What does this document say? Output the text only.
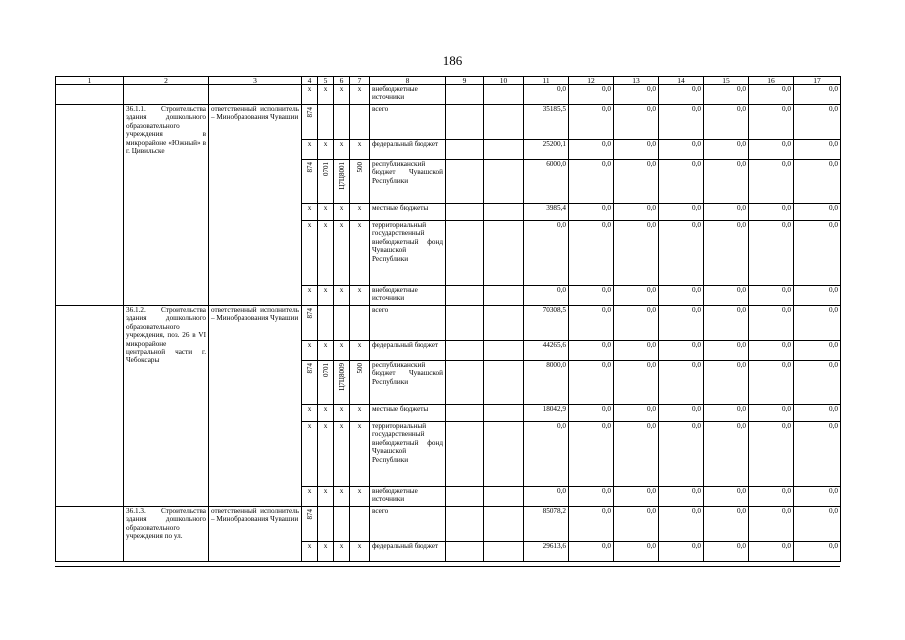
186
1	2	3	4	5	6	7	8	9	10	11	12	13	14	15	16	17
			x	x	x	x	внебюджетные источники			0,0	0,0	0,0	0,0	0,0	0,0	0,0
	36.1.1. Строительства здания дошкольного образовательного учреждения в микрорайоне «Южный» в г. Цивильске	ответственный исполнитель – Минобразования Чувашии	874				всего			35185,5	0,0	0,0	0,0	0,0	0,0	0,0
			x	x	x	x	федеральный бюджет			25200,1	0,0	0,0	0,0	0,0	0,0	0,0
			874	0701	Ц7Ц8001	500	республиканский бюджет Чувашской Республики			6000,0	0,0	0,0	0,0	0,0	0,0	0,0
			x	x	x	x	местные бюджеты			3985,4	0,0	0,0	0,0	0,0	0,0	0,0
			x	x	x	x	территориальный государственный внебюджетный фонд Чувашской Республики			0,0	0,0	0,0	0,0	0,0	0,0	0,0
			x	x	x	x	внебюджетные источники			0,0	0,0	0,0	0,0	0,0	0,0	0,0
	36.1.2. Строительства здания дошкольного образовательного учреждения, поз. 26 в VI микрорайоне центральной части г. Чебоксары	ответственный исполнитель – Минобразования Чувашии	874				всего			70308,5	0,0	0,0	0,0	0,0	0,0	0,0
			x	x	x	x	федеральный бюджет			44265,6	0,0	0,0	0,0	0,0	0,0	0,0
			874	0701	Ц7Ц8009	500	республиканский бюджет Чувашской Республики			8000,0	0,0	0,0	0,0	0,0	0,0	0,0
			x	x	x	x	местные бюджеты			18042,9	0,0	0,0	0,0	0,0	0,0	0,0
			x	x	x	x	территориальный государственный внебюджетный фонд Чувашской Республики			0,0	0,0	0,0	0,0	0,0	0,0	0,0
			x	x	x	x	внебюджетные источники			0,0	0,0	0,0	0,0	0,0	0,0	0,0
	36.1.3. Строительства здания дошкольного образовательного учреждения по ул.	ответственный исполнитель – Минобразования Чувашии	874				всего			85078,2	0,0	0,0	0,0	0,0	0,0	0,0
			x	x	x	x	федеральный бюджет			29613,6	0,0	0,0	0,0	0,0	0,0	0,0
